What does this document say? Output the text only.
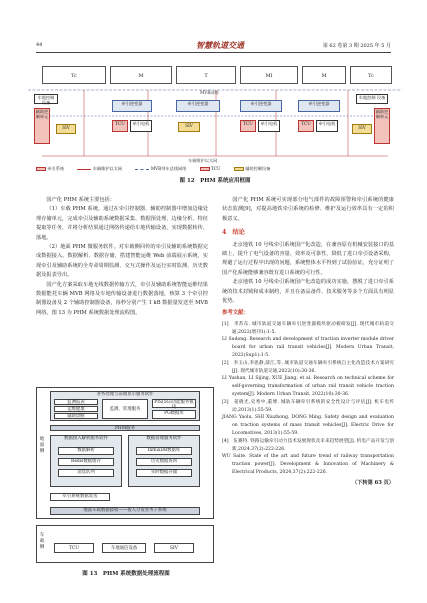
44	智慧轨道交通	第 62 卷第 3 期 2025 年 5 月
Tc	M	T	MI	M	Tc
MVB网络
车地控制 设备
辅助控 制单元
SIV
牵引逆变器
TCU	牵引电机
牵引逆变器
SIV
牵引逆变器
TCU	牵引电机
牵引逆变器
TCU	牵引电机
车地控制 设备
辅助控 制单元
SIV
车辆维护以太网
牵引系统	车辆维护以太网	MVB列车总线网络	TCU	辅助控制设备
图 12　PHM 系统应用框图

国产化 PHM 系统主要包括：

（1）车载 PHM 系统。通过在牵引控制器、辅助控制器中增加边缘处理存储单元，完成牵引及辅助系统数据采集、数据预处理、边缘分析、特征提取等任务，并将分析结果通过网络传递给车地传输设备，实现数据转传、落地。

（2）地面 PHM 微服务软件。对车载侧回传的牵引及辅助系统数据完成数据接入、数据解析、数据存储，搭建智能运维 Web 前端展示系统，实现牵引及辅助系统的全寿命周期监测、交互式操作及运行实时监测、历史数据及报表导出。

国产化方案采取车地无线数据传输方式，牵引及辅助系统智能运维结果数据能托车辆 MVB 网络及车地传输设备进行数据落地，核算 3 个牵引控制器设备及 2 个辅助控制器设备，每秒分别产生 1 kB 数据量发送至 MVB 网络。图 13 为 PHM 系统数据处理流程图。

地面侧
业务处理与前端显示服务软件
监测报表
运维健康
辅助诊断
监测、管理服务
PIS(5G)功能服务模块
PG数据库
PHM服务
数据接入解析服务软件
数据解析
Redis数据缓存
消息队列
数据管理服务软件
InfluxDB数据库
历史数据查询
实时数据存储
牵引系统数据发送
地面车载数据接收——接入分发业务子系统
车载侧	TCU	车地通信设备	SIV
图 13　PHM 系统数据处理流程图

国产化 PHM 系统可实现部分电气部件的故障预警和牵引系统的健康状态监测[9]，对提高地铁牵引系统的检修、维护及运行效率具有一定的积极意义。

4　结论

北京地铁 10 号线牵引系统国产化改造，在兼容原有机械安装接口的基础上，提升了电气设备的容量、效率及可靠性，降低了进口牵引设备采购，规避了运行过程中出现的问题，系统整体水平得到了试验验证，充分证明了国产化系统能够兼容既有进口系统的可行性。

北京地铁 10 号线牵引系统国产化改造的成功实施，摆脱了进口牵引系统的技术封锁和成本制约，并且在备品备件、技术服务等多个方面具有明显优势。

参考文献：
[1]　李苏东. 城市轨道交通车辆牵引逆变器模块驱动板研发[J]. 现代城市轨道交通,2022(增刊1):1-5.
LI Sudong. Research and development of traction inverter module driver board for urban rail transit vehicles[J]. Modern Urban Transit, 2022(Sup1):1-5.
[2]　李玉山,李思静,薛江,等. 城市轨道交通车辆牵引系统自主化改造技术方案研究[J]. 现代城市轨道交通,2022(10):30-36.
LI Yushan, LI Sijing, XUE Jiang, et al. Research on technical scheme for self-governing transformation of urban rail transit vehicle traction system[J]. Modern Urban Transit, 2022(10):30-36.
[3]　姜晓光,史秀中,董博. 城轨车辆牵引系统的安全性设计与评估[J]. 机车电传动,2013(1):55-59.
JIANG Yaolu, SHI Xiuzhong, DONG Ming. Safety design and evaluation on traction systems of mass transit vehicles[J]. Electric Drive for Locomotives, 2013(1):55-59.
[4]　伍赛特. 铁路运输牵引动力技术发展现状及未来趋势展望[J]. 机电产品开发与创新,2024,37(2):222-226.
WU Saite. State of the art and future trend of railway transportation traction power[J]. Development & Innovation of Machinery & Electrical Products, 2024,37(2):222-226.
（下转第 63 页）
